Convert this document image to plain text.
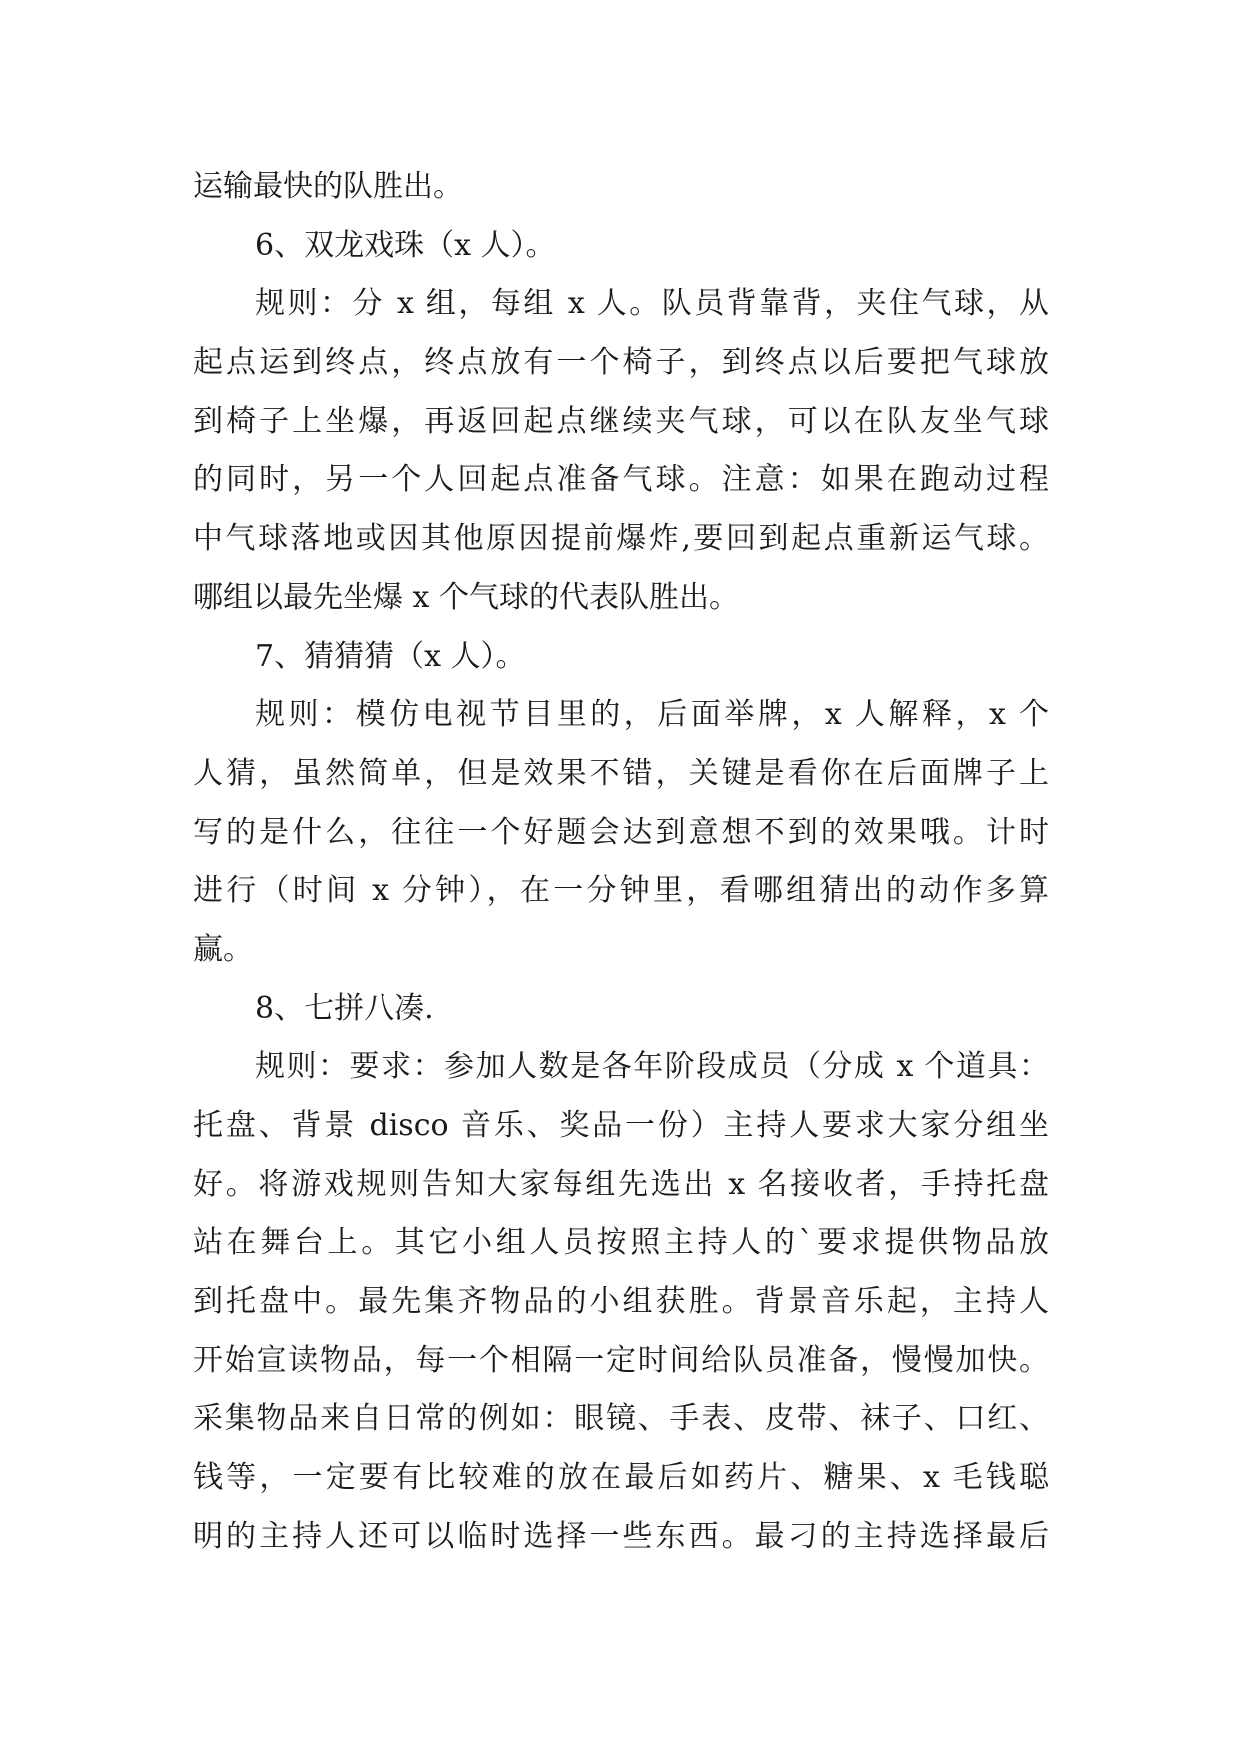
运输最快的队胜出。
6、双龙戏珠（x 人）。
规则：分 x 组，每组 x 人。队员背靠背，夹住气球，从
起点运到终点，终点放有一个椅子，到终点以后要把气球放
到椅子上坐爆，再返回起点继续夹气球，可以在队友坐气球
的同时，另一个人回起点准备气球。注意：如果在跑动过程
中气球落地或因其他原因提前爆炸,要回到起点重新运气球。
哪组以最先坐爆 x 个气球的代表队胜出。
7、猜猜猜（x 人）。
规则：模仿电视节目里的，后面举牌，x 人解释，x 个
人猜，虽然简单，但是效果不错，关键是看你在后面牌子上
写的是什么，往往一个好题会达到意想不到的效果哦。计时
进行（时间 x 分钟），在一分钟里，看哪组猜出的动作多算
赢。
8、七拼八凑.
规则：要求：参加人数是各年阶段成员（分成 x 个道具：
托盘、背景 disco 音乐、奖品一份）主持人要求大家分组坐
好。将游戏规则告知大家每组先选出 x 名接收者，手持托盘
站在舞台上。其它小组人员按照主持人的`要求提供物品放
到托盘中。最先集齐物品的小组获胜。背景音乐起，主持人
开始宣读物品，每一个相隔一定时间给队员准备，慢慢加快。
采集物品来自日常的例如：眼镜、手表、皮带、袜子、口红、
钱等，一定要有比较难的放在最后如药片、糖果、x 毛钱聪
明的主持人还可以临时选择一些东西。最刁的主持选择最后
